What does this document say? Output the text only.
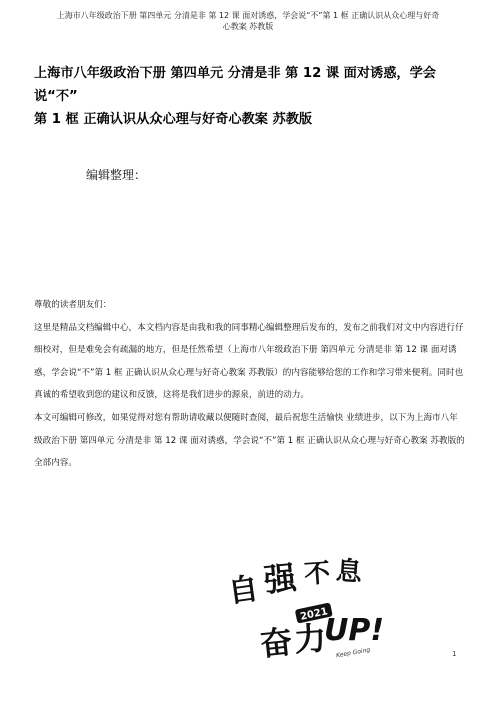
上海市八年级政治下册 第四单元 分清是非 第 12 课 面对诱惑，学会说“不”第 1 框 正确认识从众心理与好奇
心教案 苏教版
上海市八年级政治下册 第四单元 分清是非 第 12 课 面对诱惑，学会说“不”
第 1 框 正确认识从众心理与好奇心教案 苏教版
编辑整理：

尊敬的读者朋友们：

这里是精品文档编辑中心，本文档内容是由我和我的同事精心编辑整理后发布的，发布之前我们对文中内容进行仔细校对，但是难免会有疏漏的地方，但是任然希望（上海市八年级政治下册 第四单元 分清是非 第 12 课 面对诱惑，学会说“不”第 1 框 正确认识从众心理与好奇心教案 苏教版）的内容能够给您的工作和学习带来便利。同时也真诚的希望收到您的建议和反馈，这将是我们进步的源泉，前进的动力。

本文可编辑可修改，如果觉得对您有帮助请收藏以便随时查阅，最后祝您生活愉快 业绩进步，以下为上海市八年级政治下册 第四单元 分清是非 第 12 课 面对诱惑，学会说“不”第 1 框 正确认识从众心理与好奇心教案 苏教版的全部内容。

自 强 不 息
奋
力
UP!
2021
Keep Going	1
